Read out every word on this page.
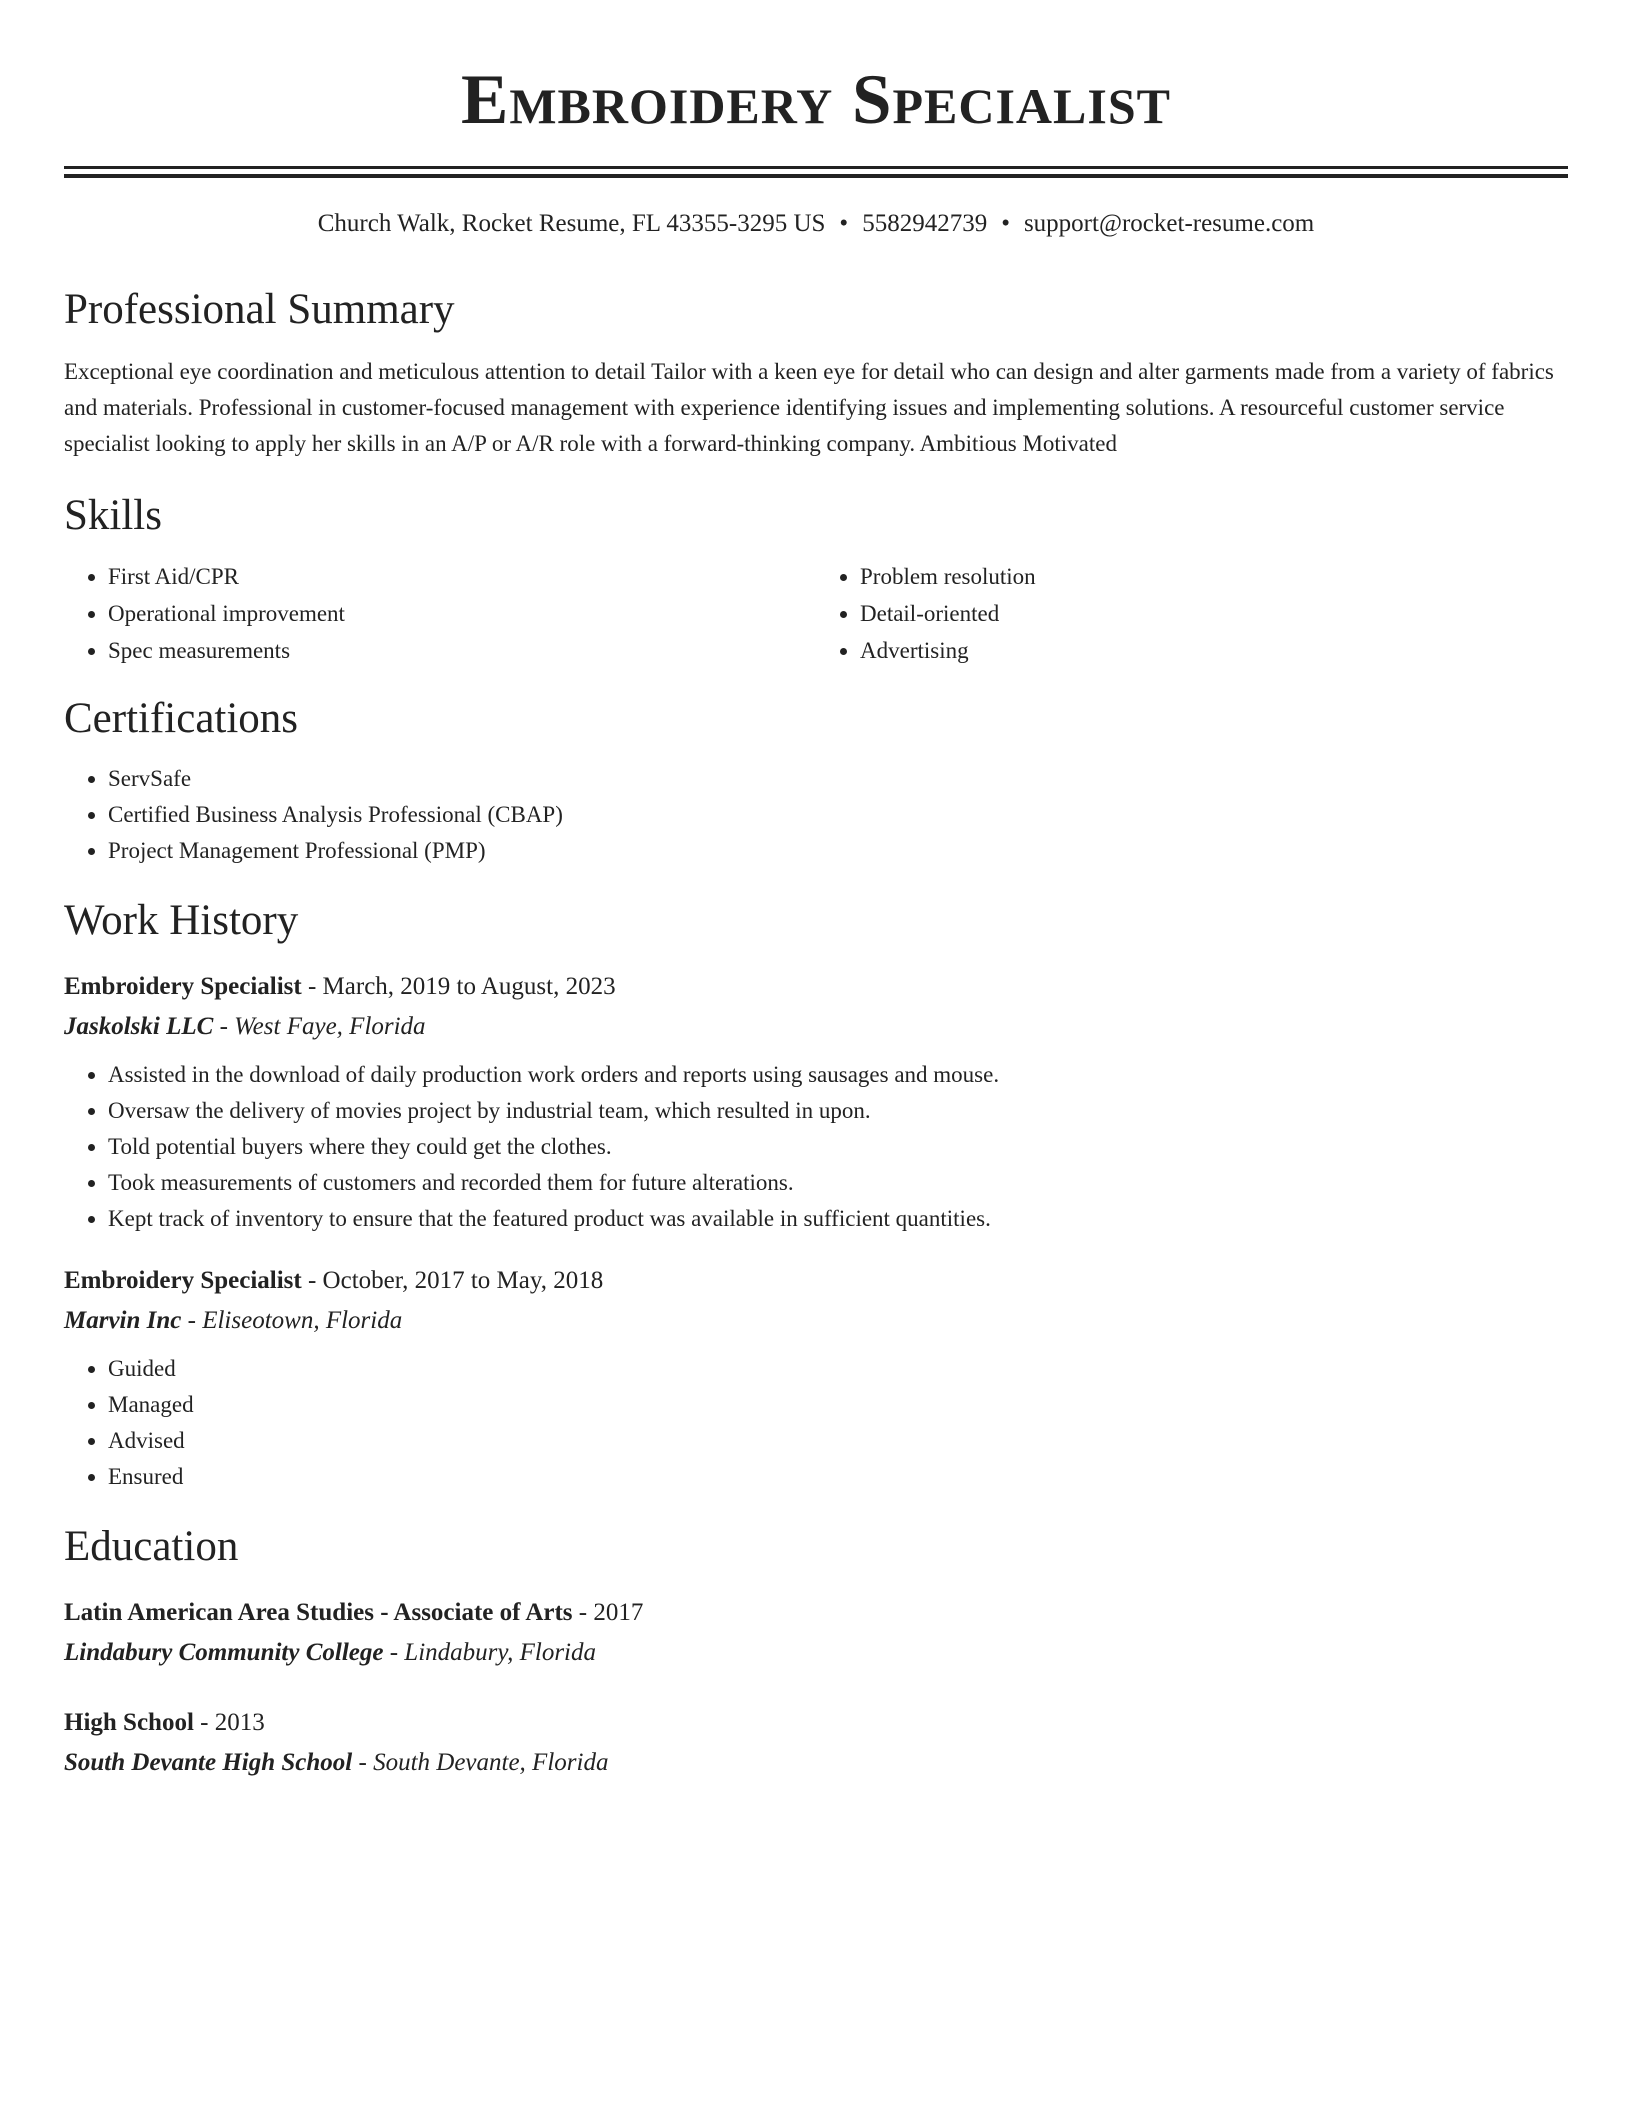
Embroidery Specialist
Church Walk, Rocket Resume, FL 43355-3295 US • 5582942739 • support@rocket-resume.com
Professional Summary

Exceptional eye coordination and meticulous attention to detail Tailor with a keen eye for detail who can design and alter garments made from a variety of fabrics and materials. Professional in customer-focused management with experience identifying issues and implementing solutions. A resourceful customer service specialist looking to apply her skills in an A/P or A/R role with a forward-thinking company. Ambitious Motivated

Skills
• First Aid/CPR
• Operational improvement
• Spec measurements
• Problem resolution
• Detail-oriented
• Advertising
Certifications
• ServSafe
• Certified Business Analysis Professional (CBAP)
• Project Management Professional (PMP)
Work History
Embroidery Specialist - March, 2019 to August, 2023
Jaskolski LLC - West Faye, Florida
• Assisted in the download of daily production work orders and reports using sausages and mouse.
• Oversaw the delivery of movies project by industrial team, which resulted in upon.
• Told potential buyers where they could get the clothes.
• Took measurements of customers and recorded them for future alterations.
• Kept track of inventory to ensure that the featured product was available in sufficient quantities.
Embroidery Specialist - October, 2017 to May, 2018
Marvin Inc - Eliseotown, Florida
• Guided
• Managed
• Advised
• Ensured
Education
Latin American Area Studies - Associate of Arts - 2017
Lindabury Community College - Lindabury, Florida
High School - 2013
South Devante High School - South Devante, Florida
